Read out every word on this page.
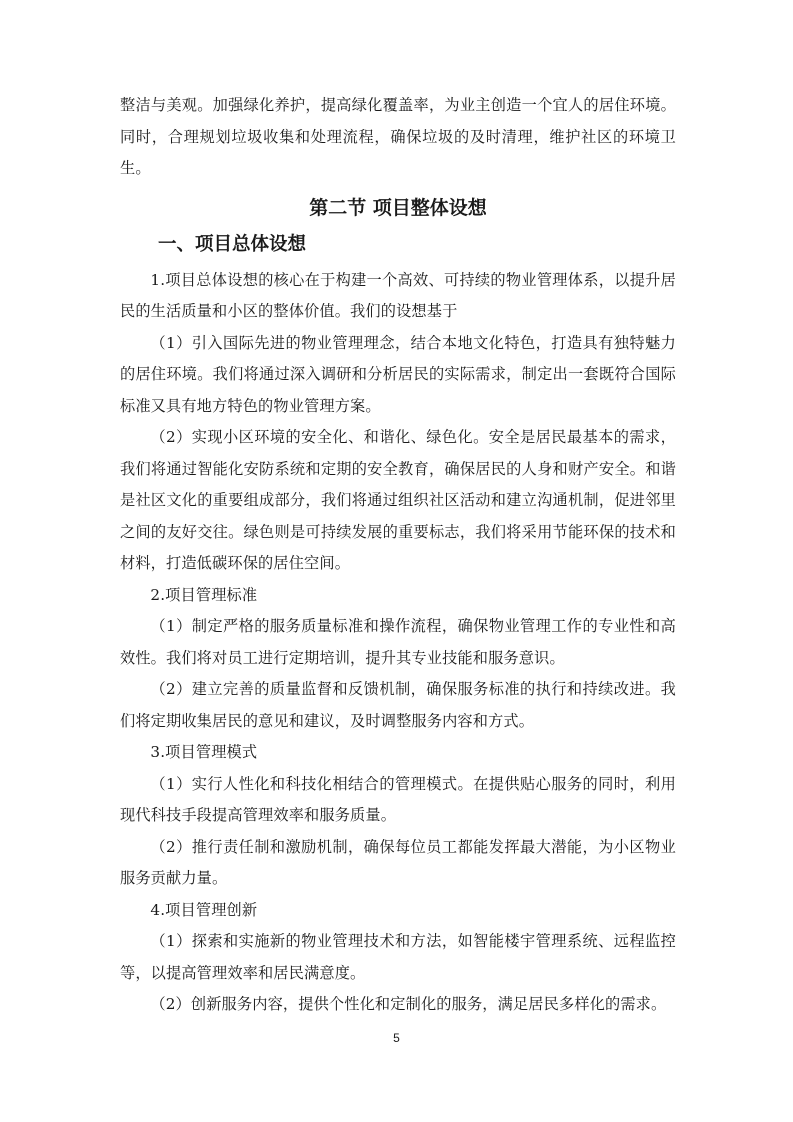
整洁与美观。加强绿化养护，提高绿化覆盖率，为业主创造一个宜人的居住环境。同时，合理规划垃圾收集和处理流程，确保垃圾的及时清理，维护社区的环境卫生。

第二节 项目整体设想
一、项目总体设想

1.项目总体设想的核心在于构建一个高效、可持续的物业管理体系，以提升居民的生活质量和小区的整体价值。我们的设想基于

（1）引入国际先进的物业管理理念，结合本地文化特色，打造具有独特魅力的居住环境。我们将通过深入调研和分析居民的实际需求，制定出一套既符合国际标准又具有地方特色的物业管理方案。

（2）实现小区环境的安全化、和谐化、绿色化。安全是居民最基本的需求，我们将通过智能化安防系统和定期的安全教育，确保居民的人身和财产安全。和谐是社区文化的重要组成部分，我们将通过组织社区活动和建立沟通机制，促进邻里之间的友好交往。绿色则是可持续发展的重要标志，我们将采用节能环保的技术和材料，打造低碳环保的居住空间。

2.项目管理标准

（1）制定严格的服务质量标准和操作流程，确保物业管理工作的专业性和高效性。我们将对员工进行定期培训，提升其专业技能和服务意识。

（2）建立完善的质量监督和反馈机制，确保服务标准的执行和持续改进。我们将定期收集居民的意见和建议，及时调整服务内容和方式。

3.项目管理模式

（1）实行人性化和科技化相结合的管理模式。在提供贴心服务的同时，利用现代科技手段提高管理效率和服务质量。

（2）推行责任制和激励机制，确保每位员工都能发挥最大潜能，为小区物业服务贡献力量。

4.项目管理创新

（1）探索和实施新的物业管理技术和方法，如智能楼宇管理系统、远程监控等，以提高管理效率和居民满意度。

（2）创新服务内容，提供个性化和定制化的服务，满足居民多样化的需求。

5
